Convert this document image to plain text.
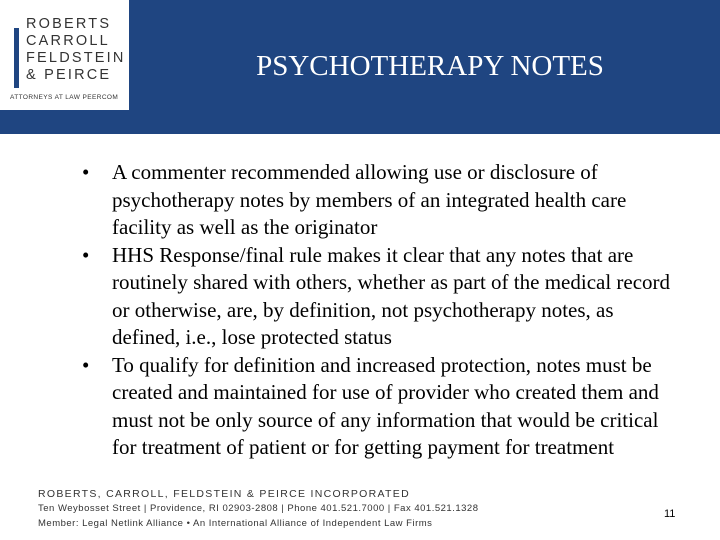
ROBERTS
CARROLL
FELDSTEIN
& PEIRCE
ATTORNEYS AT LAW PEERCOM
PSYCHOTHERAPY NOTES
• A commenter recommended allowing use or disclosure of psychotherapy notes by members of an integrated health care facility as well as the originator
• HHS Response/final rule makes it clear that any notes that are routinely shared with others, whether as part of the medical record or otherwise, are, by definition, not psychotherapy notes, as defined, i.e., lose protected status
• To qualify for definition and increased protection, notes must be created and maintained for use of provider who created them and must not be only source of any information that would be critical for treatment of patient or for getting payment for treatment
ROBERTS, CARROLL, FELDSTEIN & PEIRCE INCORPORATED
Ten Weybosset Street | Providence, RI 02903-2808 | Phone 401.521.7000 | Fax 401.521.1328
Member: Legal Netlink Alliance • An International Alliance of Independent Law Firms
11
